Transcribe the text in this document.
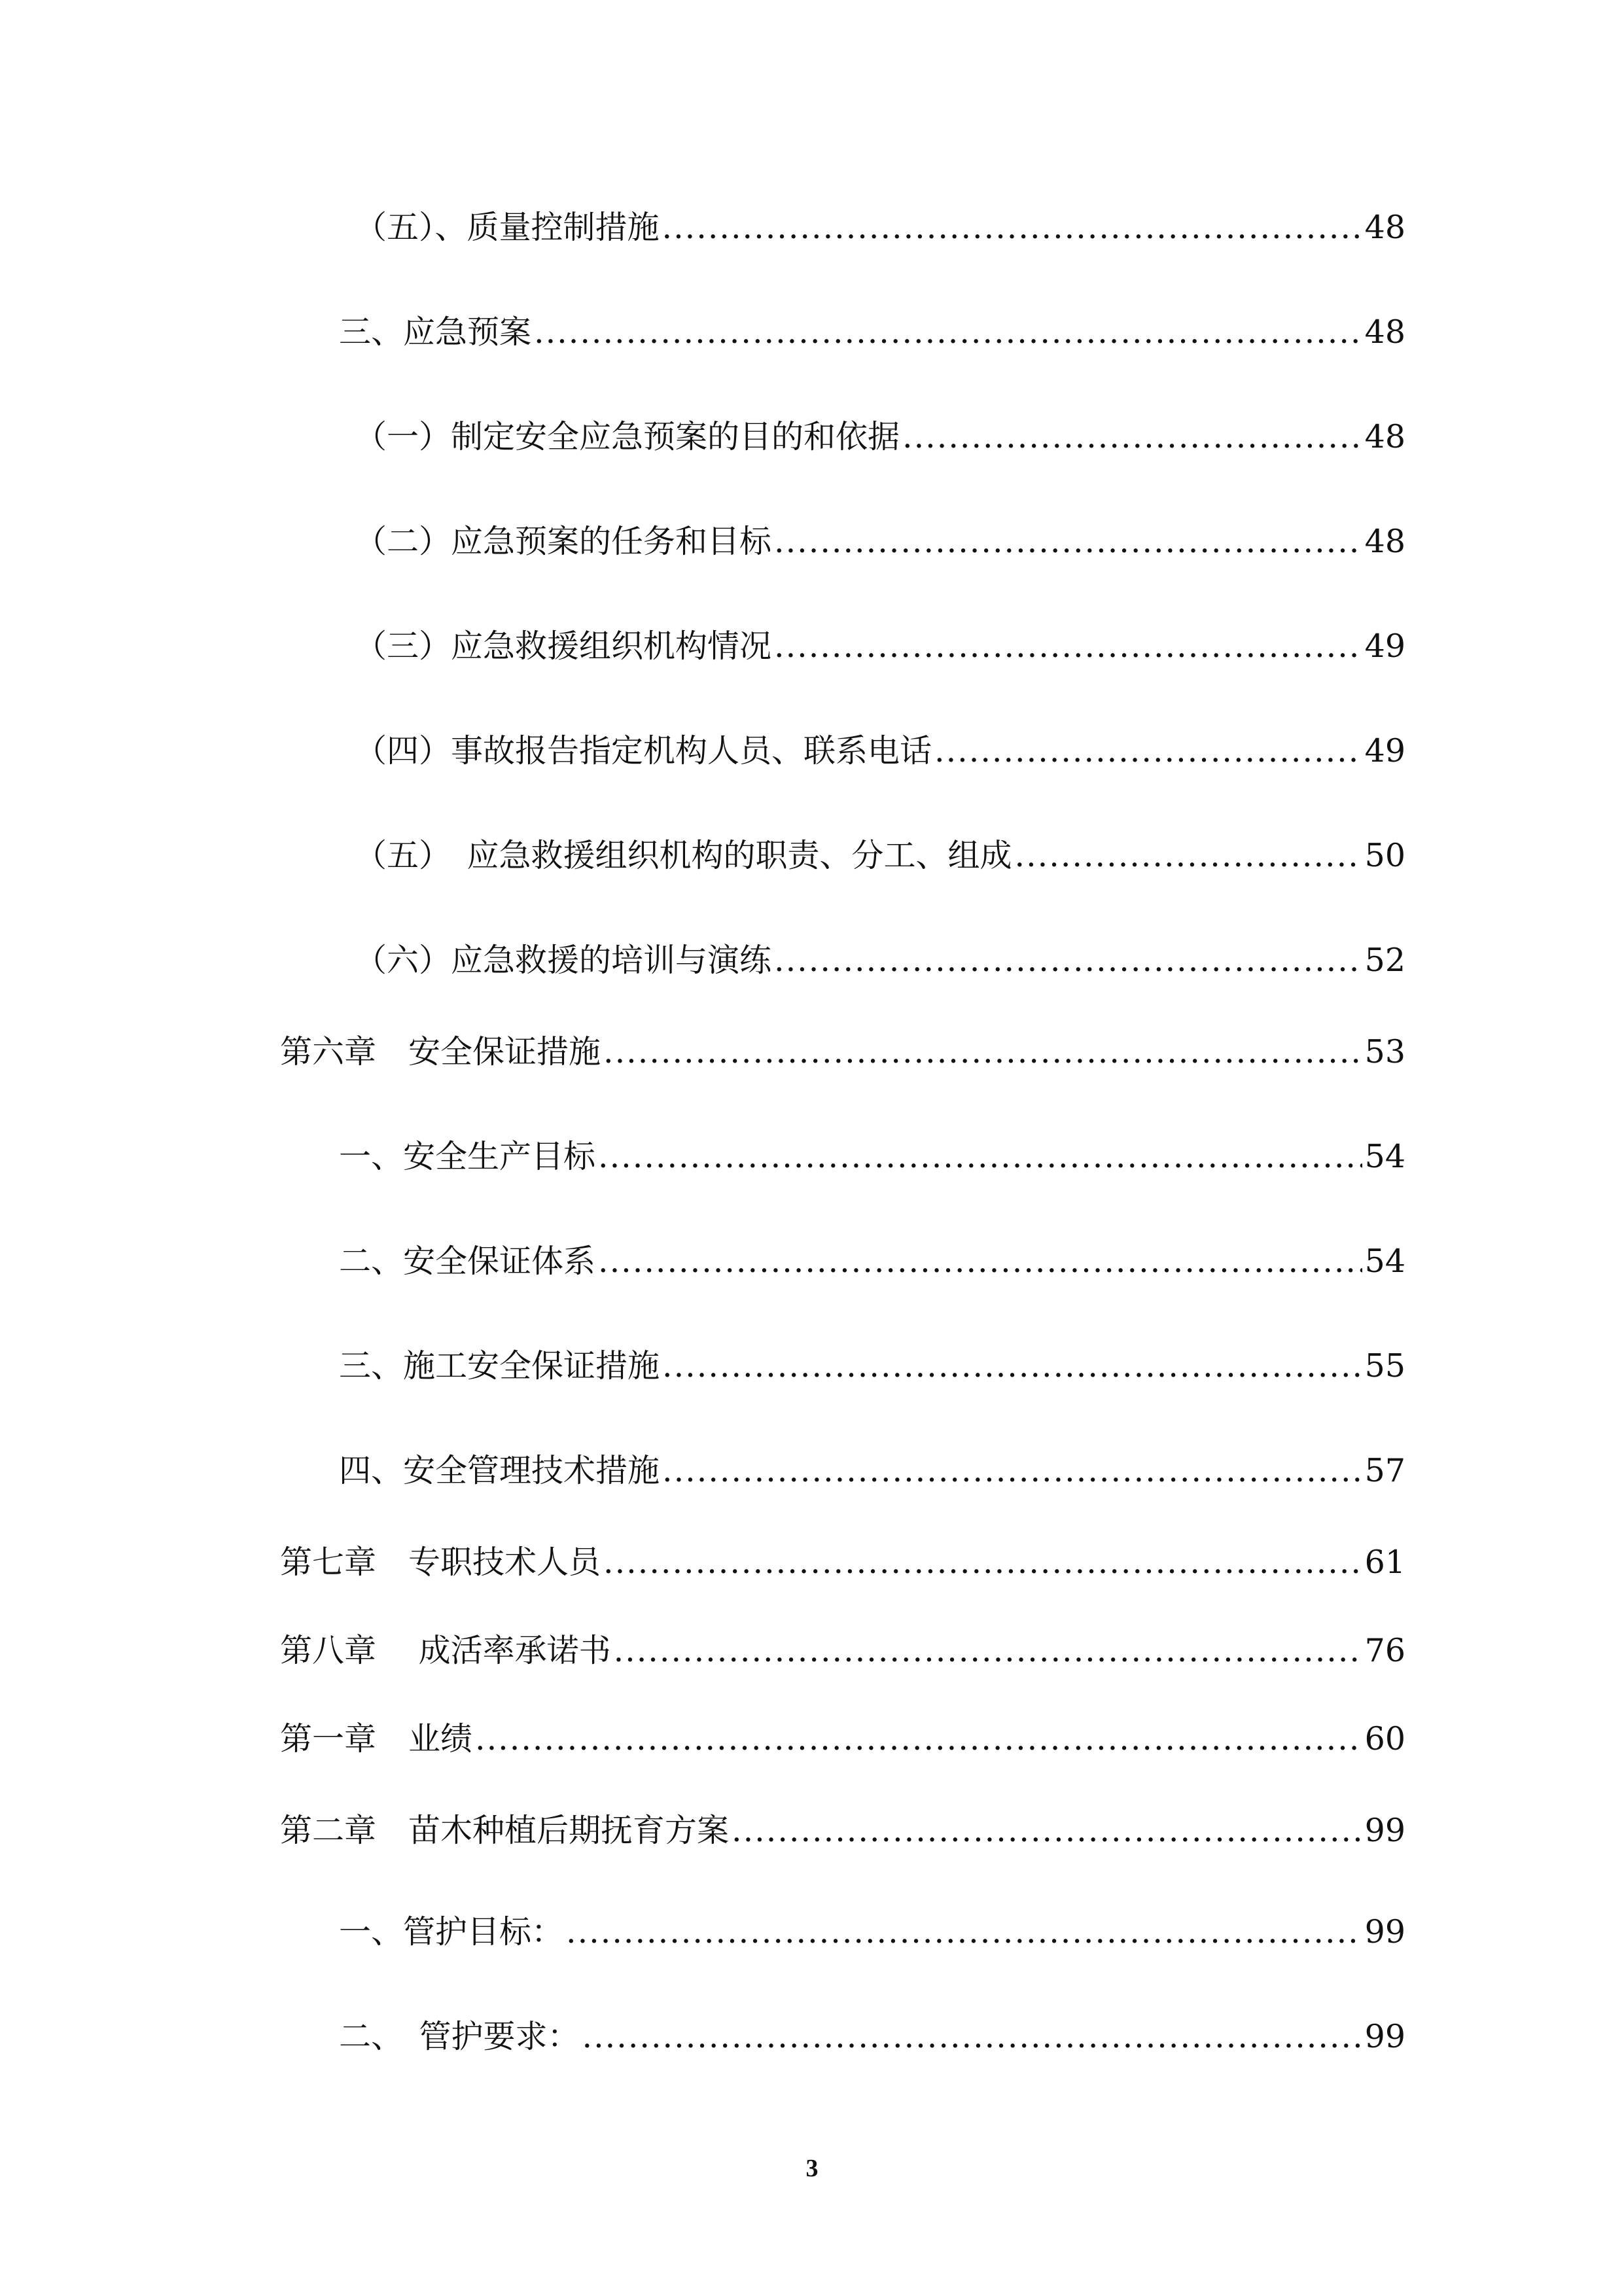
（五）、质量控制措施 .....	48
三、应急预案 .....	48
（一）制定安全应急预案的目的和依据 .....	48
（二）应急预案的任务和目标 .....	48
（三）应急救援组织机构情况 .....	49
（四）事故报告指定机构人员、联系电话 .....	49
（五）　应急救援组织机构的职责、分工、组成 .....	50
（六）应急救援的培训与演练 .....	52
第六章　安全保证措施 .....	53
一、安全生产目标 .....	54
二、安全保证体系 .....	54
三、施工安全保证措施 .....	55
四、安全管理技术措施 .....	57
第七章　专职技术人员 .....	61
第八章　 成活率承诺书 .....	76
第一章　业绩 .....	60
第二章　苗木种植后期抚育方案 .....	99
一、管护目标： .....	99
二、　管护要求： .....	99
3
